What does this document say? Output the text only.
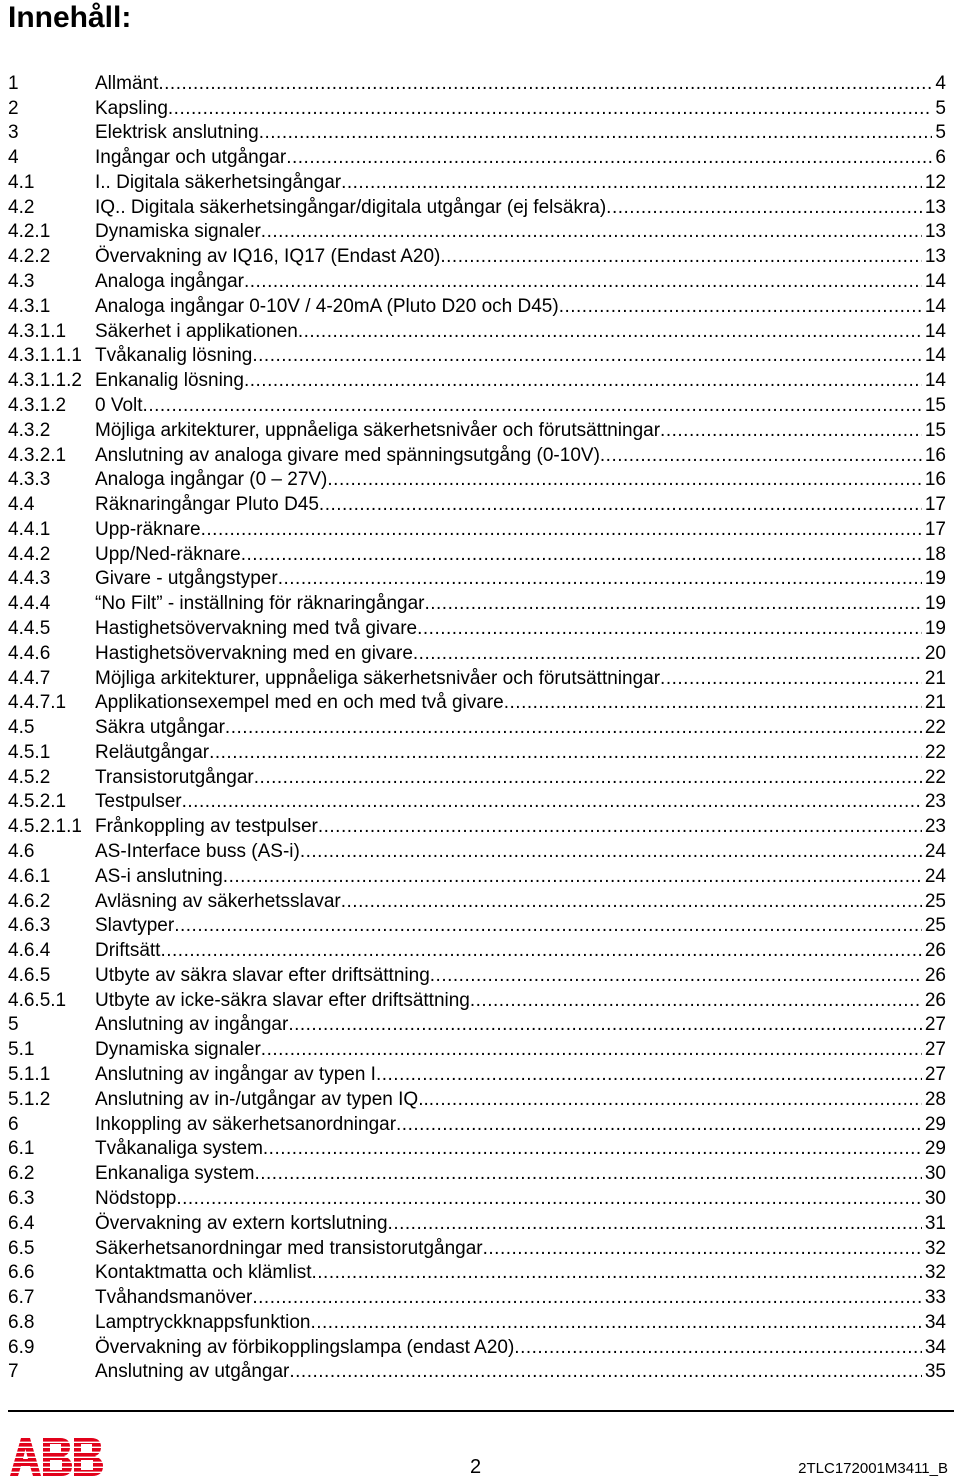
Innehåll:
1	Allmänt .....	4
2	Kapsling .....	5
3	Elektrisk anslutning .....	5
4	Ingångar och utgångar .....	6
4.1	I.. Digitala säkerhetsingångar .....	12
4.2	IQ.. Digitala säkerhetsingångar/digitala utgångar (ej felsäkra) .....	13
4.2.1	Dynamiska signaler .....	13
4.2.2	Övervakning av IQ16, IQ17 (Endast A20) .....	13
4.3	Analoga ingångar .....	14
4.3.1	Analoga ingångar 0-10V / 4-20mA (Pluto D20 och D45) .....	14
4.3.1.1	Säkerhet i applikationen .....	14
4.3.1.1.1 Tvåkanalig lösning .....	14
4.3.1.1.2 Enkanalig lösning .....	14
4.3.1.2	0 Volt .....	15
4.3.2	Möjliga arkitekturer, uppnåeliga säkerhetsnivåer och förutsättningar .....	15
4.3.2.1	Anslutning av analoga givare med spänningsutgång (0-10V) .....	16
4.3.3	Analoga ingångar (0 – 27V) .....	16
4.4	Räknaringångar Pluto D45 .....	17
4.4.1	Upp-räknare .....	17
4.4.2	Upp/Ned-räknare .....	18
4.4.3	Givare - utgångstyper .....	19
4.4.4	“No Filt” - inställning för räknaringångar .....	19
4.4.5	Hastighetsövervakning med två givare .....	19
4.4.6	Hastighetsövervakning med en givare .....	20
4.4.7	Möjliga arkitekturer, uppnåeliga säkerhetsnivåer och förutsättningar .....	21
4.4.7.1	Applikationsexempel med en och med två givare .....	21
4.5	Säkra utgångar .....	22
4.5.1	Reläutgångar .....	22
4.5.2	Transistorutgångar .....	22
4.5.2.1	Testpulser .....	23
4.5.2.1.1 Frånkoppling av testpulser .....	23
4.6	AS-Interface buss (AS-i) .....	24
4.6.1	AS-i anslutning .....	24
4.6.2	Avläsning av säkerhetsslavar .....	25
4.6.3	Slavtyper .....	25
4.6.4	Driftsätt .....	26
4.6.5	Utbyte av säkra slavar efter driftsättning .....	26
4.6.5.1	Utbyte av icke-säkra slavar efter driftsättning .....	26
5	Anslutning av ingångar .....	27
5.1	Dynamiska signaler .....	27
5.1.1	Anslutning av ingångar av typen I .....	27
5.1.2	Anslutning av in-/utgångar av typen IQ.. .....	28
6	Inkoppling av säkerhetsanordningar .....	29
6.1	Tvåkanaliga system .....	29
6.2	Enkanaliga system .....	30
6.3	Nödstopp .....	30
6.4	Övervakning av extern kortslutning .....	31
6.5	Säkerhetsanordningar med transistorutgångar .....	32
6.6	Kontaktmatta och klämlist .....	32
6.7	Tvåhandsmanöver .....	33
6.8	Lamptryckknappsfunktion .....	34
6.9	Övervakning av förbikopplingslampa (endast A20) .....	34
7	Anslutning av utgångar .....	35
2	2TLC172001M3411_B
